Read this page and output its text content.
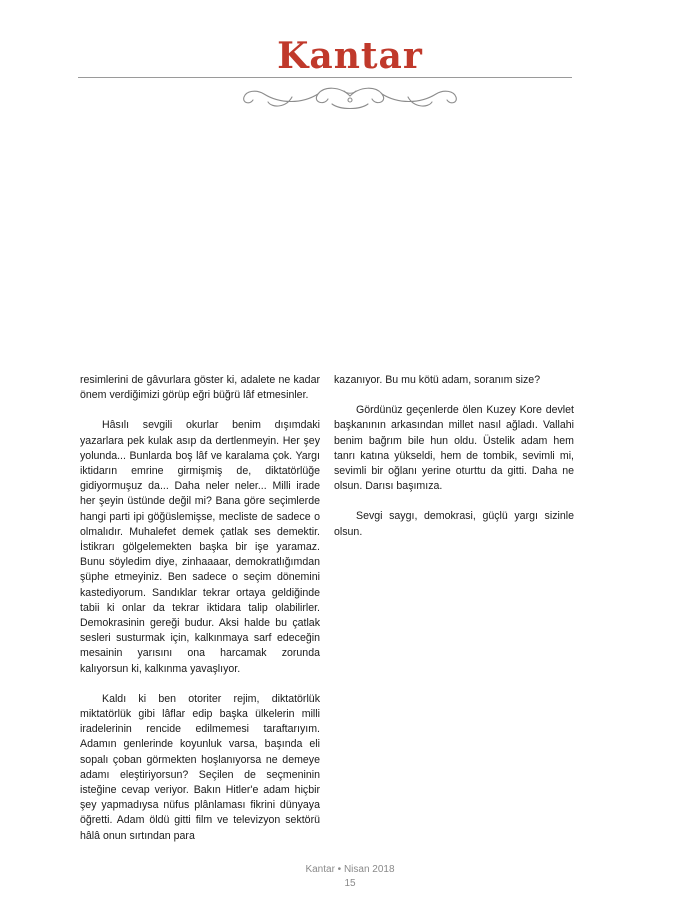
Kantar

resimlerini de gâvurlara göster ki, adalete ne kadar önem verdiğimizi görüp eğri büğrü lâf etmesinler.

Hâsılı sevgili okurlar benim dışımdaki yazarlara pek kulak asıp da dertlenmeyin. Her şey yolunda... Bunlarda boş lâf ve karalama çok. Yargı iktidarın emrine girmişmiş de, diktatörlüğe gidiyormuşuz da... Daha neler neler... Milli irade her şeyin üstünde değil mi? Bana göre seçimlerde hangi parti ipi göğüslemişse, mecliste de sadece o olmalıdır. Muhalefet demek çatlak ses demektir. İstikrarı gölgelemekten başka bir işe yaramaz. Bunu söyledim diye, zinhaaaar, demokratlığımdan şüphe etmeyiniz. Ben sadece o seçim dönemini kastediyorum. Sandıklar tekrar ortaya geldiğinde tabii ki onlar da tekrar iktidara talip olabilirler. Demokrasinin gereği budur. Aksi halde bu çatlak sesleri susturmak için, kalkınmaya sarf edeceğin mesainin yarısını ona harcamak zorunda kalıyorsun ki, kalkınma yavaşlıyor.

Kaldı ki ben otoriter rejim, diktatörlük miktatörlük gibi lâflar edip başka ülkelerin milli iradelerinin rencide edilmemesi taraftarıyım. Adamın genlerinde koyunluk varsa, başında eli sopalı çoban görmekten hoşlanıyorsa ne demeye adamı eleştiriyorsun? Seçilen de seçmeninin isteğine cevap veriyor. Bakın Hitler'e adam hiçbir şey yapmadıysa nüfus plânlaması fikrini dünyaya öğretti. Adam öldü gitti film ve televizyon sektörü hâlâ onun sırtından para

kazanıyor. Bu mu kötü adam, soranım size?

Gördünüz geçenlerde ölen Kuzey Kore devlet başkanının arkasından millet nasıl ağladı. Vallahi benim bağrım bile hun oldu. Üstelik adam hem tanrı katına yükseldi, hem de tombik, sevimli mi, sevimli bir oğlanı yerine oturttu da gitti. Daha ne olsun. Darısı başımıza.

Sevgi saygı, demokrasi, güçlü yargı sizinle olsun.

Kantar • Nisan 2018
15
